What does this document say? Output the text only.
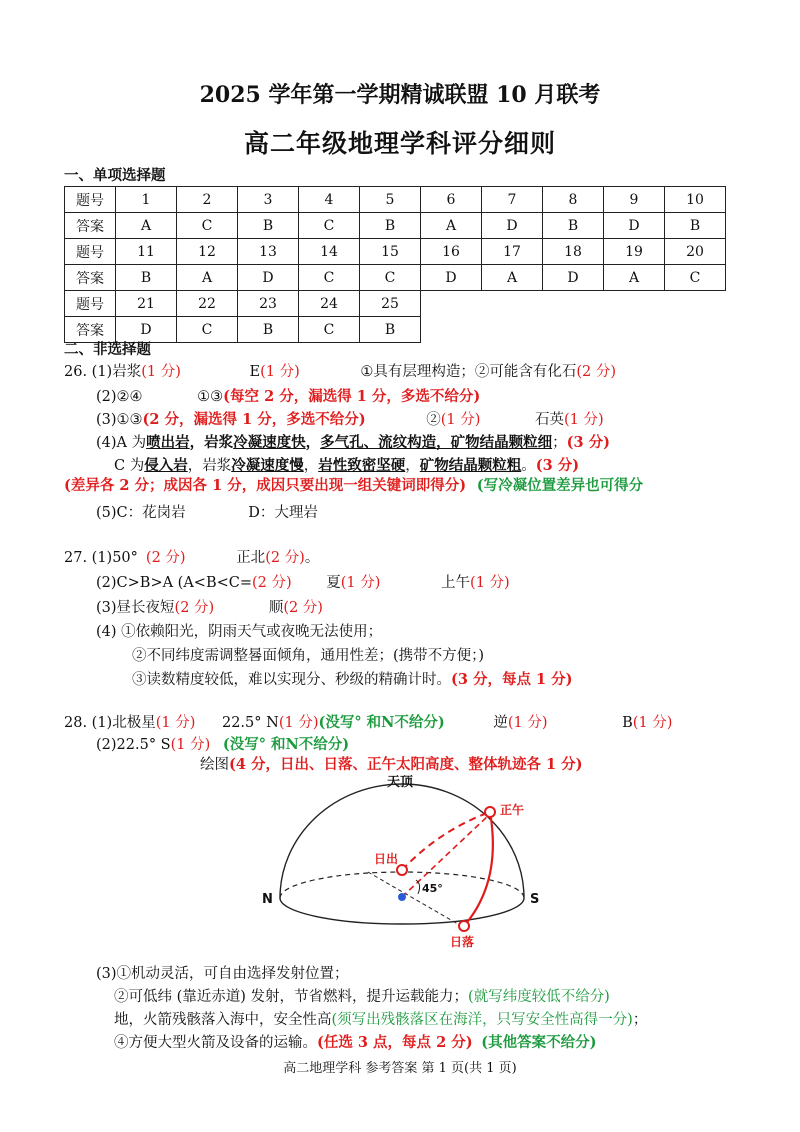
2025 学年第一学期精诚联盟 10 月联考
高二年级地理学科评分细则
一、单项选择题
题号	1	2	3	4	5	6	7	8	9	10
答案	A	C	B	C	B	A	D	B	D	B
题号	11	12	13	14	15	16	17	18	19	20
答案	B	A	D	C	C	D	A	D	A	C
题号	21	22	23	24	25					
答案	D	C	B	C	B					
二、非选择题
26. (1)岩浆(1 分)	E(1 分)	①具有层理构造；②可能含有化石(2 分)
(2)②④	①③(每空 2 分，漏选得 1 分，多选不给分)
(3)①③(2 分，漏选得 1 分，多选不给分)	②(1 分)	石英(1 分)
(4)A 为喷出岩，岩浆冷凝速度快，多气孔、流纹构造，矿物结晶颗粒细；(3 分)
C 为侵入岩，岩浆冷凝速度慢，岩性致密坚硬，矿物结晶颗粒粗。(3 分)
(差异各 2 分；成因各 1 分，成因只要出现一组关键词即得分) (写冷凝位置差异也可得分
(5)C：花岗岩　　　　 D：大理岩
27. (1)50° (2 分)	正北(2 分)。
(2)C>B>A (A<B<C=(2 分) 夏(1 分)	上午(1 分)
(3)昼长夜短(2 分)	顺(2 分)
(4) ①依赖阳光，阴雨天气或夜晚无法使用；
②不同纬度需调整晷面倾角，通用性差；(携带不方便；)
③读数精度较低，难以实现分、秒级的精确计时。(3 分，每点 1 分)
28. (1)北极星(1 分) 22.5° N(1 分)(没写° 和N不给分)	逆(1 分)	B(1 分)
(2)22.5° S(1 分) (没写° 和N不给分)
绘图(4 分，日出、日落、正午太阳高度、整体轨迹各 1 分)
天顶
正午
日出
日落
N	S
45°
(3)①机动灵活，可自由选择发射位置；
②可低纬 (靠近赤道) 发射，节省燃料，提升运载能力；(就写纬度较低不给分)
地，火箭残骸落入海中，安全性高(须写出残骸落区在海洋，只写安全性高得一分)；
④方便大型火箭及设备的运输。(任选 3 点，每点 2 分) (其他答案不给分)
高二地理学科 参考答案 第 1 页(共 1 页)
